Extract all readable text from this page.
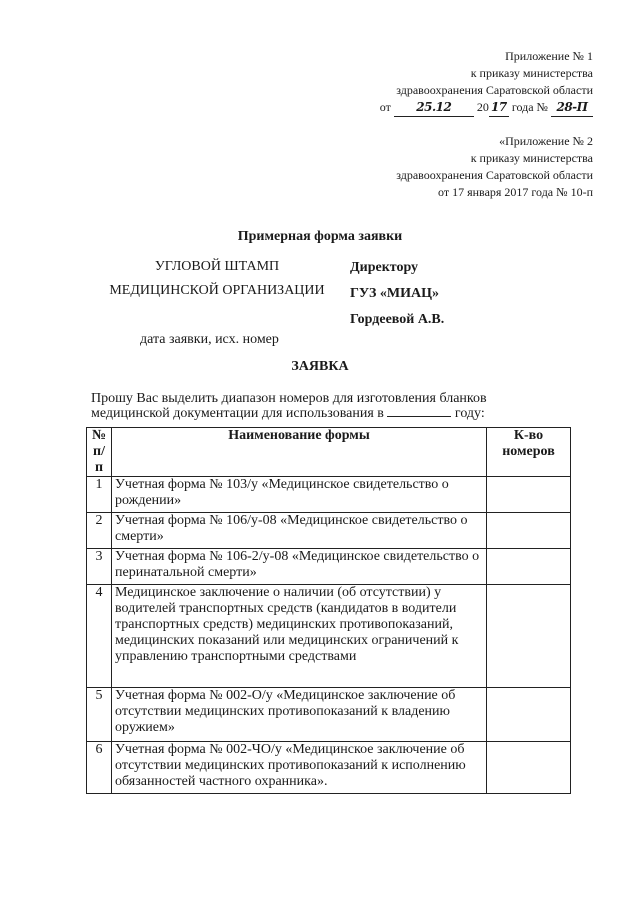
Приложение № 1
к приказу министерства
здравоохранения Саратовской области
от 25.12 20 17 года № 28-П
«Приложение № 2
к приказу министерства
здравоохранения Саратовской области
от 17 января 2017 года № 10-п
Примерная форма заявки
УГЛОВОЙ ШТАМП
МЕДИЦИНСКОЙ ОРГАНИЗАЦИИ
Директору
ГУЗ «МИАЦ»
Гордеевой А.В.
дата заявки, исх. номер
ЗАЯВКА
Прошу Вас выделить диапазон номеров для изготовления бланков медицинской документации для использования в	году:
№ п/п	Наименование формы	К-во номеров
1	Учетная форма № 103/у «Медицинское свидетельство о рождении»	
2	Учетная форма № 106/у-08 «Медицинское свидетельство о смерти»	
3	Учетная форма № 106-2/у-08 «Медицинское свидетельство о перинатальной смерти»	
4	Медицинское заключение о наличии (об отсутствии) у водителей транспортных средств (кандидатов в водители транспортных средств) медицинских противопоказаний, медицинских показаний или медицинских ограничений к управлению транспортными средствами	
5	Учетная форма № 002-О/у «Медицинское заключение об отсутствии медицинских противопоказаний к владению оружием»	
6	Учетная форма № 002-ЧО/у «Медицинское заключение об отсутствии медицинских противопоказаний к исполнению обязанностей частного охранника».	
